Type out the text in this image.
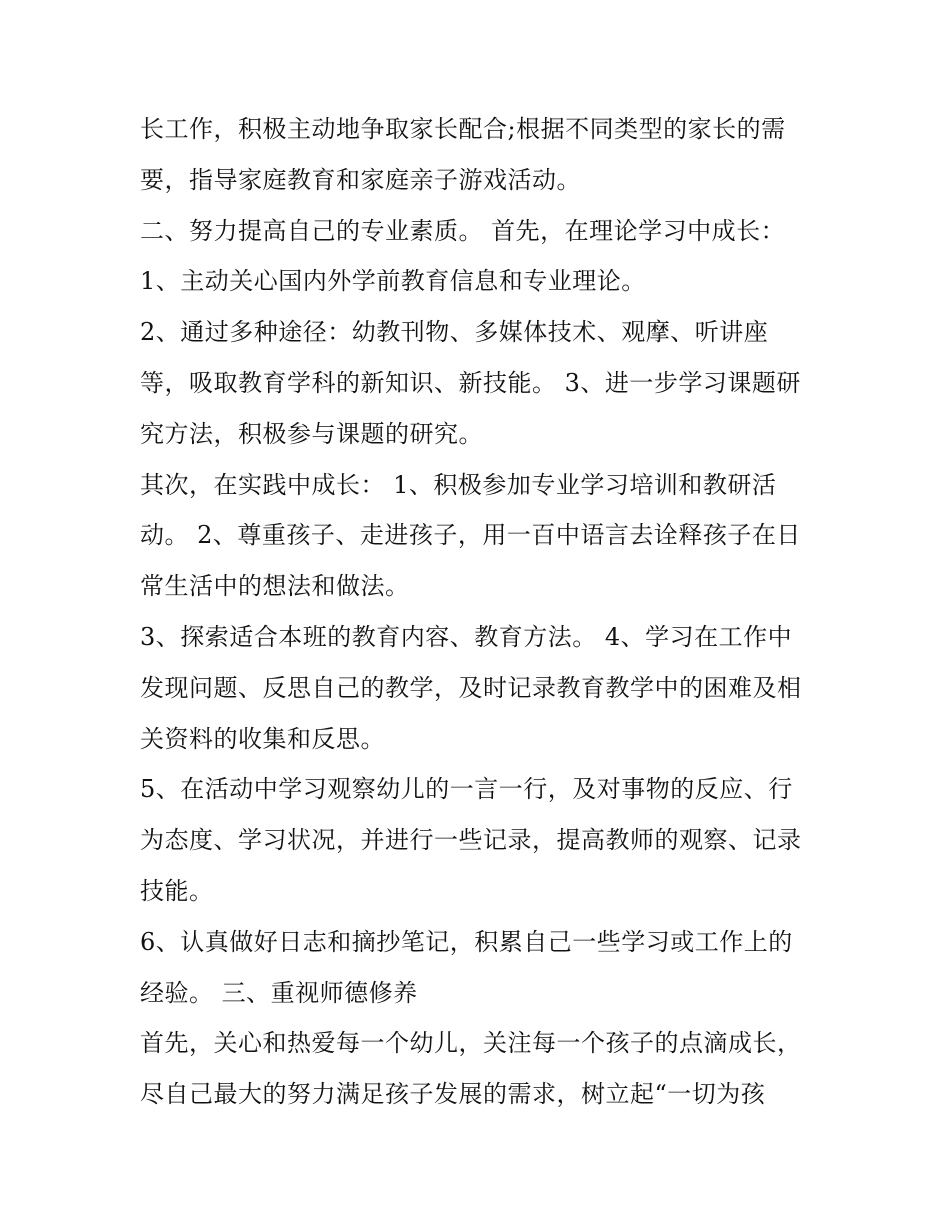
长工作，积极主动地争取家长配合;根据不同类型的家长的需
要，指导家庭教育和家庭亲子游戏活动。
二、努力提高自己的专业素质。 首先，在理论学习中成长：
1、主动关心国内外学前教育信息和专业理论。
2、通过多种途径：幼教刊物、多媒体技术、观摩、听讲座
等，吸取教育学科的新知识、新技能。 3、进一步学习课题研
究方法，积极参与课题的研究。
其次，在实践中成长： 1、积极参加专业学习培训和教研活
动。 2、尊重孩子、走进孩子，用一百中语言去诠释孩子在日
常生活中的想法和做法。
3、探索适合本班的教育内容、教育方法。 4、学习在工作中
发现问题、反思自己的教学，及时记录教育教学中的困难及相
关资料的收集和反思。
5、在活动中学习观察幼儿的一言一行，及对事物的反应、行
为态度、学习状况，并进行一些记录，提高教师的观察、记录
技能。
6、认真做好日志和摘抄笔记，积累自己一些学习或工作上的
经验。 三、重视师德修养
首先，关心和热爱每一个幼儿，关注每一个孩子的点滴成长，
尽自己最大的努力满足孩子发展的需求，树立起“一切为孩
